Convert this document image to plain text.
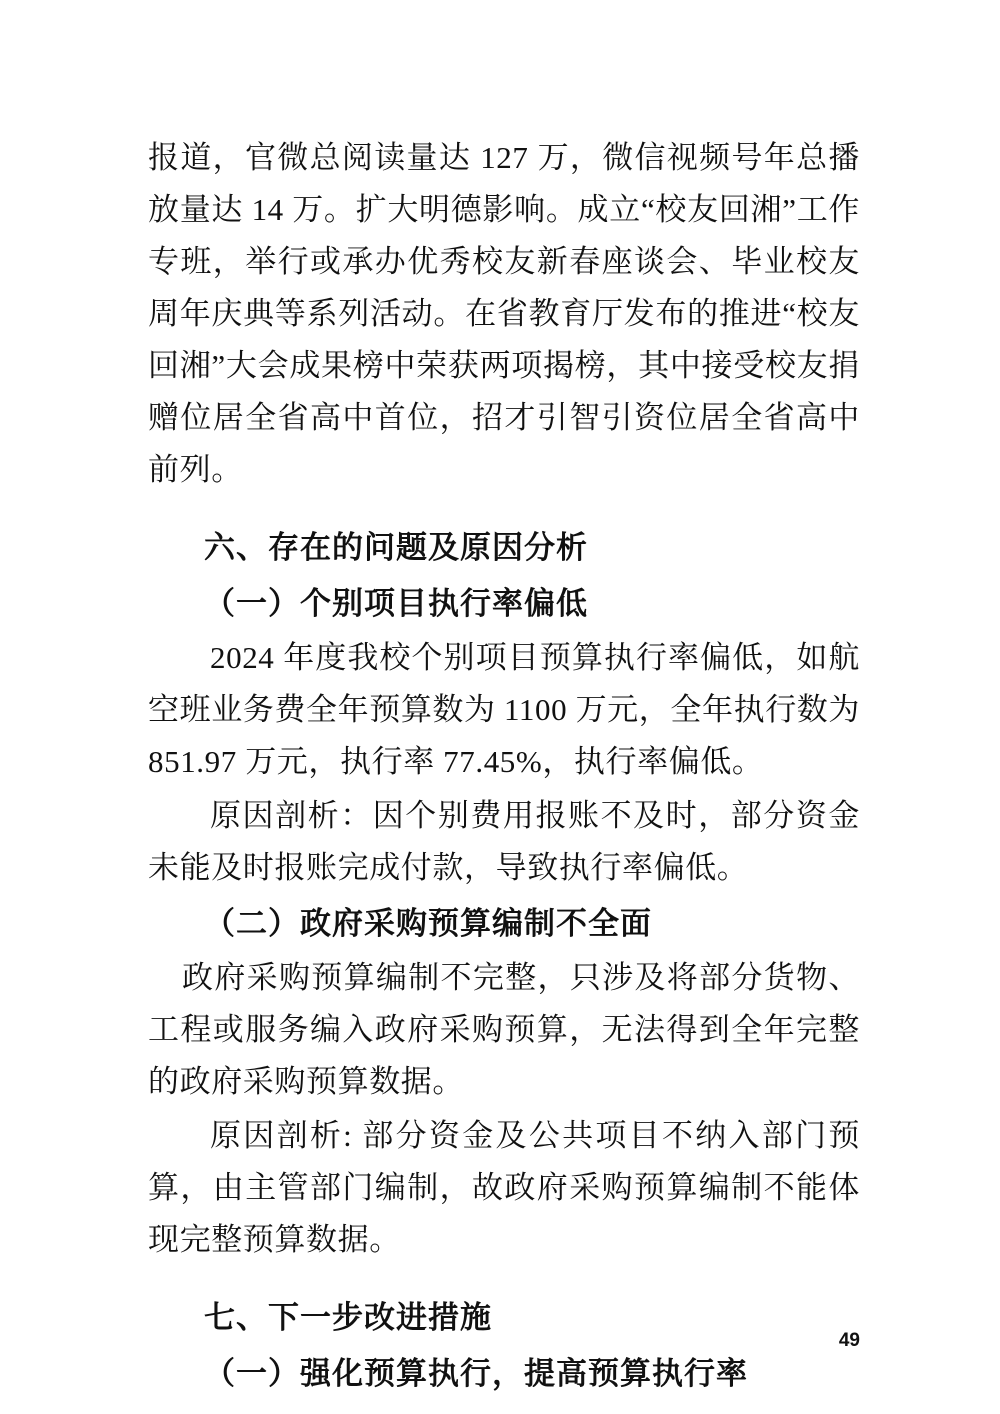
报道，官微总阅读量达 127 万，微信视频号年总播放量达 14 万。扩大明德影响。成立“校友回湘”工作专班，举行或承办优秀校友新春座谈会、毕业校友周年庆典等系列活动。在省教育厅发布的推进“校友回湘”大会成果榜中荣获两项揭榜，其中接受校友捐赠位居全省高中首位，招才引智引资位居全省高中前列。

六、存在的问题及原因分析

（一）个别项目执行率偏低

2024 年度我校个别项目预算执行率偏低，如航空班业务费全年预算数为 1100 万元，全年执行数为 851.97 万元，执行率 77.45%，执行率偏低。

原因剖析：因个别费用报账不及时，部分资金未能及时报账完成付款，导致执行率偏低。

（二）政府采购预算编制不全面

政府采购预算编制不完整，只涉及将部分货物、工程或服务编入政府采购预算，无法得到全年完整的政府采购预算数据。

原因剖析: 部分资金及公共项目不纳入部门预算，由主管部门编制，故政府采购预算编制不能体现完整预算数据。

七、下一步改进措施

（一）强化预算执行，提高预算执行率

49
